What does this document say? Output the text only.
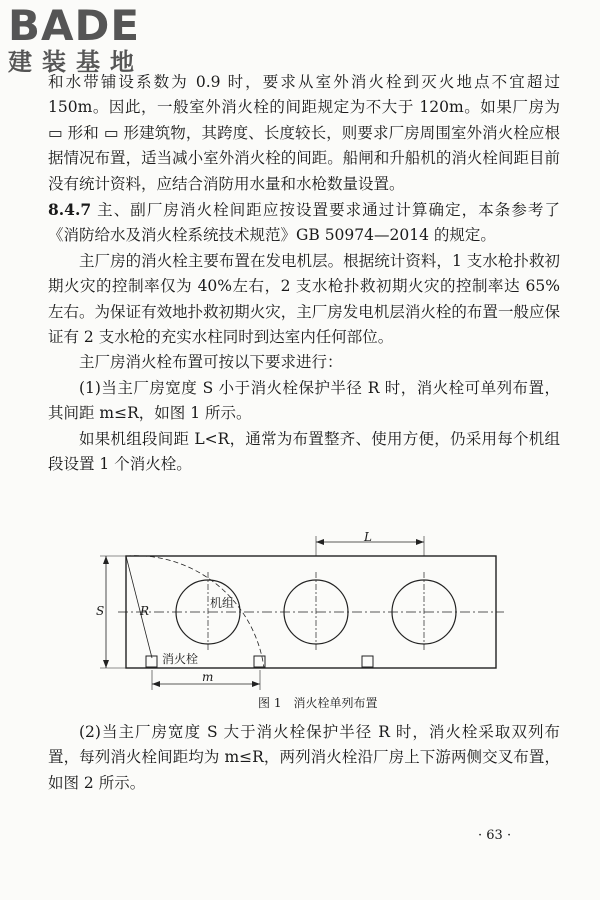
BADE
建装基地

和水带铺设系数为 0.9 时，要求从室外消火栓到灭火地点不宜超过 150m。因此，一般室外消火栓的间距规定为不大于 120m。如果厂房为 ▭ 形和 ▭ 形建筑物，其跨度、长度较长，则要求厂房周围室外消火栓应根据情况布置，适当减小室外消火栓的间距。船闸和升船机的消火栓间距目前没有统计资料，应结合消防用水量和水枪数量设置。

8.4.7 主、副厂房消火栓间距应按设置要求通过计算确定，本条参考了《消防给水及消火栓系统技术规范》GB 50974—2014 的规定。

主厂房的消火栓主要布置在发电机层。根据统计资料，1 支水枪扑救初期火灾的控制率仅为 40%左右，2 支水枪扑救初期火灾的控制率达 65%左右。为保证有效地扑救初期火灾，主厂房发电机层消火栓的布置一般应保证有 2 支水枪的充实水柱同时到达室内任何部位。

主厂房消火栓布置可按以下要求进行：

(1)当主厂房宽度 S 小于消火栓保护半径 R 时，消火栓可单列布置，其间距 m≤R，如图 1 所示。

如果机组段间距 L<R，通常为布置整齐、使用方便，仍采用每个机组段设置 1 个消火栓。

L
S	R
机组
消火栓
m
图 1　消火栓单列布置

(2)当主厂房宽度 S 大于消火栓保护半径 R 时，消火栓采取双列布置，每列消火栓间距均为 m≤R，两列消火栓沿厂房上下游两侧交叉布置，如图 2 所示。

· 63 ·
